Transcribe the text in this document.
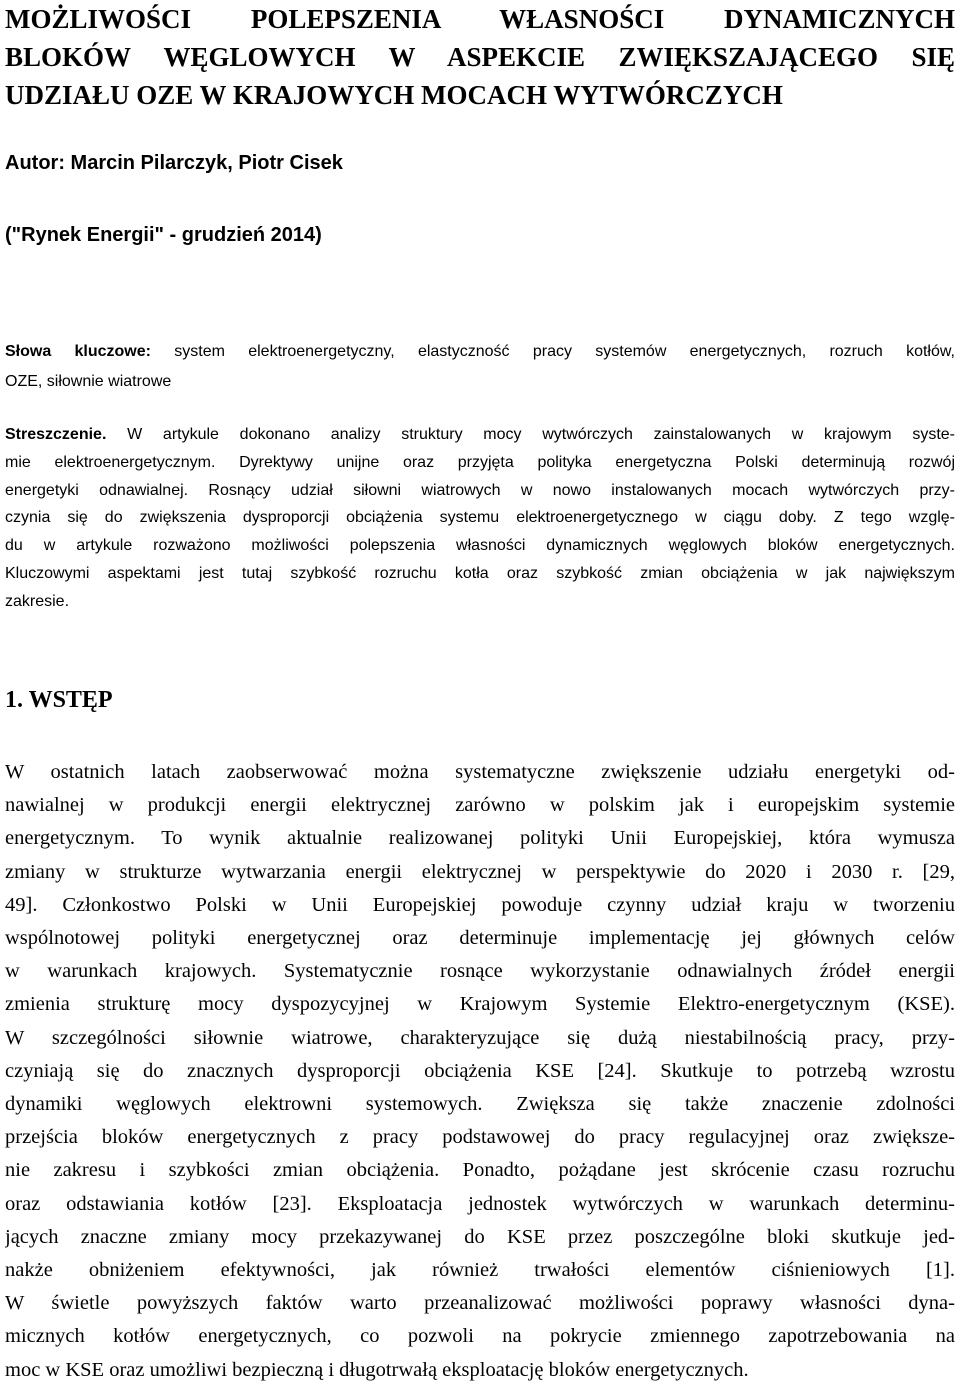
MOŻLIWOŚCI POLEPSZENIA WŁASNOŚCI DYNAMICZNYCH
BLOKÓW WĘGLOWYCH W ASPEKCIE ZWIĘKSZAJĄCEGO SIĘ
UDZIAŁU OZE W KRAJOWYCH MOCACH WYTWÓRCZYCH
Autor: Marcin Pilarczyk, Piotr Cisek
("Rynek Energii" - grudzień 2014)
Słowa kluczowe: system elektroenergetyczny, elastyczność pracy systemów energetycznych, rozruch kotłów,
OZE, siłownie wiatrowe
Streszczenie. W artykule dokonano analizy struktury mocy wytwórczych zainstalowanych w krajowym syste-
mie elektroenergetycznym. Dyrektywy unijne oraz przyjęta polityka energetyczna Polski determinują rozwój
energetyki odnawialnej. Rosnący udział siłowni wiatrowych w nowo instalowanych mocach wytwórczych przy-
czynia się do zwiększenia dysproporcji obciążenia systemu elektroenergetycznego w ciągu doby. Z tego wzglę-
du w artykule rozważono możliwości polepszenia własności dynamicznych węglowych bloków energetycznych.
Kluczowymi aspektami jest tutaj szybkość rozruchu kotła oraz szybkość zmian obciążenia w jak największym
zakresie.
1. WSTĘP
W ostatnich latach zaobserwować można systematyczne zwiększenie udziału energetyki od-
nawialnej w produkcji energii elektrycznej zarówno w polskim jak i europejskim systemie
energetycznym. To wynik aktualnie realizowanej polityki Unii Europejskiej, która wymusza
zmiany w strukturze wytwarzania energii elektrycznej w perspektywie do 2020 i 2030 r. [29,
49]. Członkostwo Polski w Unii Europejskiej powoduje czynny udział kraju w tworzeniu
wspólnotowej polityki energetycznej oraz determinuje implementację jej głównych celów
w warunkach krajowych. Systematycznie rosnące wykorzystanie odnawialnych źródeł energii
zmienia strukturę mocy dyspozycyjnej w Krajowym Systemie Elektro-energetycznym (KSE).
W szczególności siłownie wiatrowe, charakteryzujące się dużą niestabilnością pracy, przy-
czyniają się do znacznych dysproporcji obciążenia KSE [24]. Skutkuje to potrzebą wzrostu
dynamiki węglowych elektrowni systemowych. Zwiększa się także znaczenie zdolności
przejścia bloków energetycznych z pracy podstawowej do pracy regulacyjnej oraz zwiększe-
nie zakresu i szybkości zmian obciążenia. Ponadto, pożądane jest skrócenie czasu rozruchu
oraz odstawiania kotłów [23]. Eksploatacja jednostek wytwórczych w warunkach determinu-
jących znaczne zmiany mocy przekazywanej do KSE przez poszczególne bloki skutkuje jed-
nakże obniżeniem efektywności, jak również trwałości elementów ciśnieniowych [1].
W świetle powyższych faktów warto przeanalizować możliwości poprawy własności dyna-
micznych kotłów energetycznych, co pozwoli na pokrycie zmiennego zapotrzebowania na
moc w KSE oraz umożliwi bezpieczną i długotrwałą eksploatację bloków energetycznych.
